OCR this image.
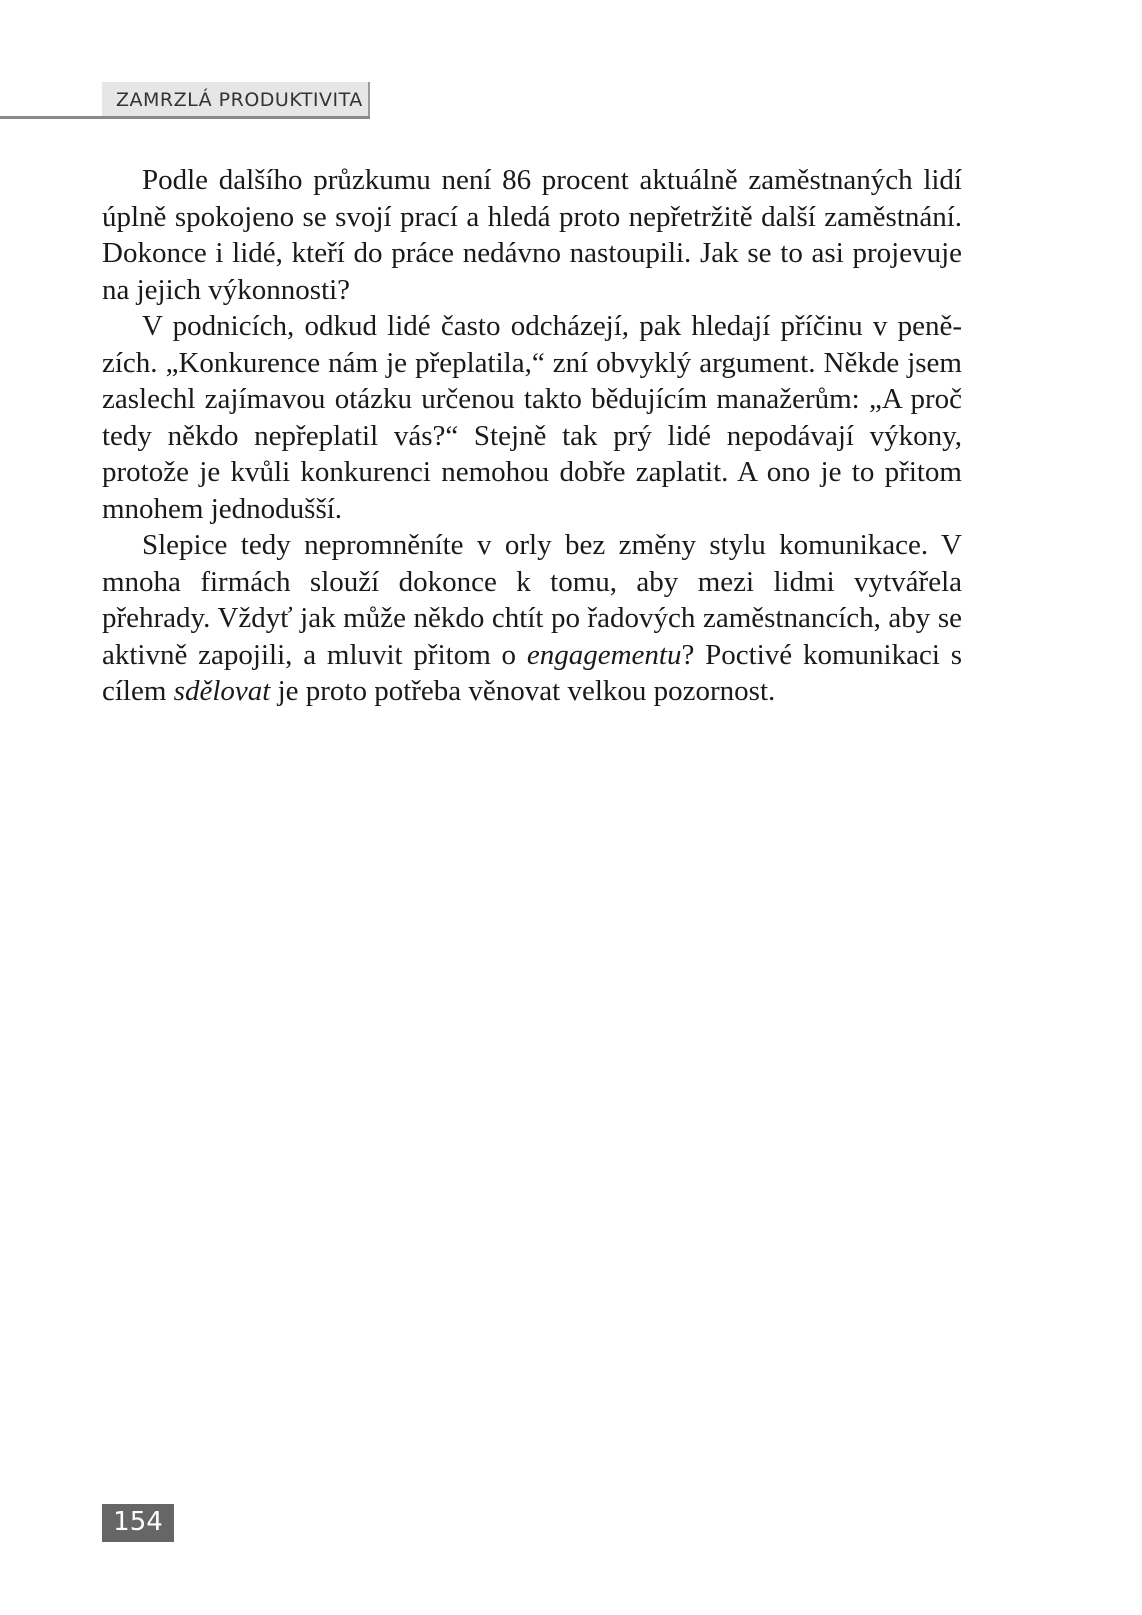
ZAMRZLÁ PRODUKTIVITA

Podle dalšího průzkumu není 86 procent aktuálně zaměstnaných lidí úplně spokojeno se svojí prací a hledá proto nepřetržitě další zaměstnání. Dokonce i lidé, kteří do práce nedávno nastoupili. Jak se to asi projevuje na jejich výkonnosti?

V podnicích, odkud lidé často odcházejí, pak hledají příčinu v penězích. „Konkurence nám je přeplatila,“ zní obvyklý argument. Někde jsem zaslechl zajímavou otázku určenou takto bědujícím manažerům: „A proč tedy někdo nepřeplatil vás?“ Stejně tak prý lidé nepodávají výkony, protože je kvůli konkurenci nemohou dobře zaplatit. A ono je to přitom mnohem jednodušší.

Slepice tedy nepromněníte v orly bez změny stylu komunikace. V mnoha firmách slouží dokonce k tomu, aby mezi lidmi vytvářela přehrady. Vždyť jak může někdo chtít po řadových zaměstnancích, aby se aktivně zapojili, a mluvit přitom o engagementu? Poctivé komunikaci s cílem sdělovat je proto potřeba věnovat velkou pozornost.

154
